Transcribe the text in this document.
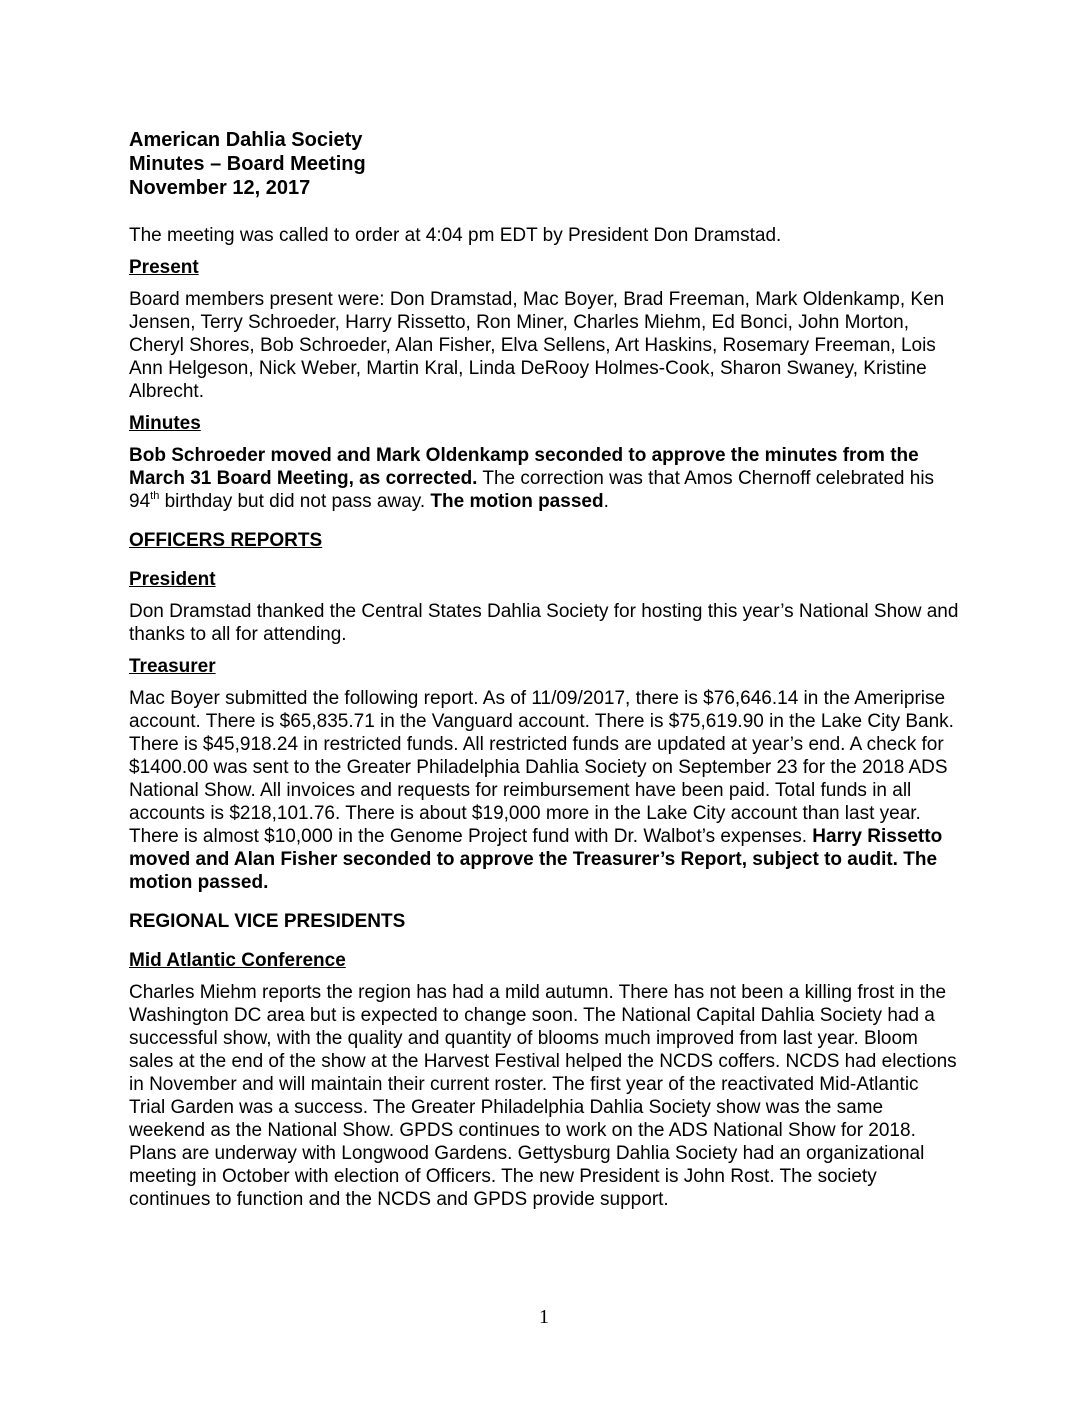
American Dahlia Society
Minutes – Board Meeting
November 12, 2017

The meeting was called to order at 4:04 pm EDT by President Don Dramstad.

Present

Board members present were: Don Dramstad, Mac Boyer, Brad Freeman, Mark Oldenkamp, Ken Jensen, Terry Schroeder, Harry Rissetto, Ron Miner, Charles Miehm, Ed Bonci, John Morton, Cheryl Shores, Bob Schroeder, Alan Fisher, Elva Sellens, Art Haskins, Rosemary Freeman, Lois Ann Helgeson, Nick Weber, Martin Kral, Linda DeRooy Holmes-Cook, Sharon Swaney, Kristine Albrecht.

Minutes

Bob Schroeder moved and Mark Oldenkamp seconded to approve the minutes from the March 31 Board Meeting, as corrected. The correction was that Amos Chernoff celebrated his 94th birthday but did not pass away. The motion passed.

OFFICERS REPORTS
President

Don Dramstad thanked the Central States Dahlia Society for hosting this year’s National Show and thanks to all for attending.

Treasurer

Mac Boyer submitted the following report. As of 11/09/2017, there is $76,646.14 in the Ameriprise account. There is $65,835.71 in the Vanguard account. There is $75,619.90 in the Lake City Bank. There is $45,918.24 in restricted funds. All restricted funds are updated at year’s end. A check for $1400.00 was sent to the Greater Philadelphia Dahlia Society on September 23 for the 2018 ADS National Show. All invoices and requests for reimbursement have been paid. Total funds in all accounts is $218,101.76. There is about $19,000 more in the Lake City account than last year. There is almost $10,000 in the Genome Project fund with Dr. Walbot’s expenses. Harry Rissetto moved and Alan Fisher seconded to approve the Treasurer’s Report, subject to audit. The motion passed.

REGIONAL VICE PRESIDENTS
Mid Atlantic Conference

Charles Miehm reports the region has had a mild autumn. There has not been a killing frost in the Washington DC area but is expected to change soon. The National Capital Dahlia Society had a successful show, with the quality and quantity of blooms much improved from last year. Bloom sales at the end of the show at the Harvest Festival helped the NCDS coffers. NCDS had elections in November and will maintain their current roster. The first year of the reactivated Mid-Atlantic Trial Garden was a success. The Greater Philadelphia Dahlia Society show was the same weekend as the National Show. GPDS continues to work on the ADS National Show for 2018. Plans are underway with Longwood Gardens. Gettysburg Dahlia Society had an organizational meeting in October with election of Officers. The new President is John Rost. The society continues to function and the NCDS and GPDS provide support.

1
